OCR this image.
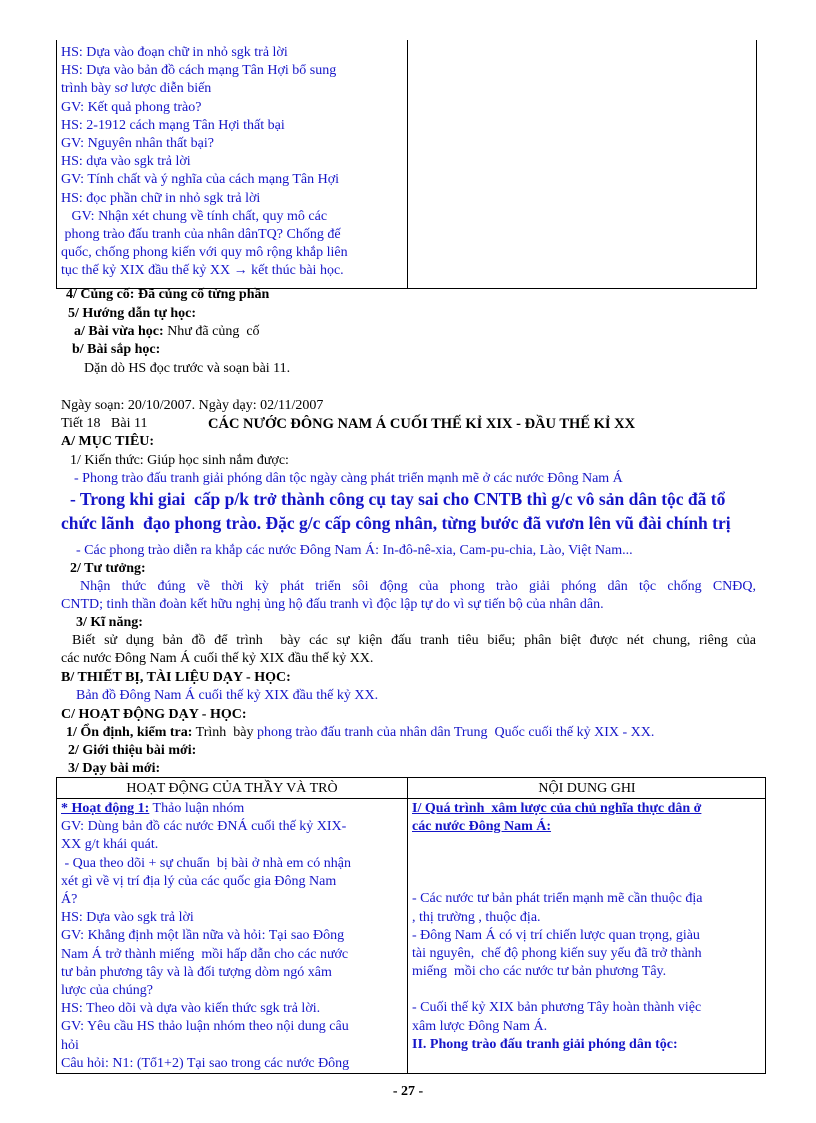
HS: Dựa vào đoạn chữ in nhỏ sgk trả lời
HS: Dựa vào bản đồ cách mạng Tân Hợi bổ sung
trình bày sơ lược diễn biến
GV: Kết quả phong trào?
HS: 2-1912 cách mạng Tân Hợi thất bại
GV: Nguyên nhân thất bại?
HS: dựa vào sgk trả lời
GV: Tính chất và ý nghĩa của cách mạng Tân Hợi
HS: đọc phần chữ in nhỏ sgk trả lời
GV: Nhận xét chung về tính chất, quy mô các
phong trào đấu tranh của nhân dânTQ? Chống đế
quốc, chống phong kiến với quy mô rộng khắp liên
tục thế kỷ XIX đầu thế kỷ XX → kết thúc bài học.
4/ Củng cố: Đã củng cố từng phần
5/ Hướng dẫn tự học:
a/ Bài vừa học: Như đã củng  cố
b/ Bài sắp học:
Dặn dò HS đọc trước và soạn bài 11.
Ngày soạn: 20/10/2007. Ngày dạy: 02/11/2007
Tiết 18   Bài 11	CÁC NƯỚC ĐÔNG NAM Á CUỐI THẾ KỈ XIX - ĐẦU THẾ KỈ XX
A/ MỤC TIÊU:
1/ Kiến thức: Giúp học sinh nắm được:
- Phong trào đấu tranh giải phóng dân tộc ngày càng phát triển mạnh mẽ ở các nước Đông Nam Á
- Trong khi giai  cấp p/k trở thành công cụ tay sai cho CNTB thì g/c vô sản dân tộc đã tổ
chức lãnh  đạo phong trào. Đặc g/c cấp công nhân, từng bước đã vươn lên vũ đài chính trị
- Các phong trào diễn ra khắp các nước Đông Nam Á: In-đô-nê-xia, Cam-pu-chia, Lào, Việt Nam...
2/ Tư tưởng:
Nhận thức đúng về thời kỳ phát triển sôi động của phong trào giải phóng dân tộc chống CNĐQ,
CNTD; tinh thần đoàn kết hữu nghị ủng hộ đấu tranh vì độc lập tự do vì sự tiến bộ của nhân dân.
3/ Kĩ năng:
Biết sử dụng bản đồ để trình  bày các sự kiện đấu tranh tiêu biểu; phân biệt được nét chung, riêng của
các nước Đông Nam Á cuối thế kỷ XIX đầu thế kỷ XX.
B/ THIẾT BỊ, TÀI LIỆU DẠY - HỌC:
Bản đồ Đông Nam Á cuối thế kỷ XIX đầu thế kỷ XX.
C/ HOẠT ĐỘNG DẠY - HỌC:
1/ Ổn định, kiểm tra: Trình  bày phong trào đấu tranh của nhân dân Trung  Quốc cuối thế kỷ XIX - XX.
2/ Giới thiệu bài mới:
3/ Dạy bài mới:
HOẠT ĐỘNG CỦA THẦY VÀ TRÒ	NỘI DUNG GHI
* Hoạt động 1: Thảo luận nhóm
GV: Dùng bản đồ các nước ĐNÁ cuối thế kỷ XIX-
XX g/t khái quát.
- Qua theo dõi + sự chuẩn  bị bài ở nhà em có nhận
xét gì về vị trí địa lý của các quốc gia Đông Nam
Á?
HS: Dựa vào sgk trả lời
GV: Khẳng định một lần nữa và hỏi: Tại sao Đông
Nam Á trở thành miếng  mồi hấp dẫn cho các nước
tư bản phương tây và là đối tượng dòm ngó xâm
lược của chúng?
HS: Theo dõi và dựa vào kiến thức sgk trả lời.
GV: Yêu cầu HS thảo luận nhóm theo nội dung câu
hỏi
Câu hỏi: N1: (Tổ1+2) Tại sao trong các nước Đông
I/ Quá trình  xâm lược của chủ nghĩa thực dân ở
các nước Đông Nam Á:
- Các nước tư bản phát triển mạnh mẽ cần thuộc địa
, thị trường , thuộc địa.
- Đông Nam Á có vị trí chiến lược quan trọng, giàu
tài nguyên,  chế độ phong kiến suy yếu đã trở thành
miếng  mồi cho các nước tư bản phương Tây.
- Cuối thế kỷ XIX bản phương Tây hoàn thành việc
xâm lược Đông Nam Á.
II. Phong trào đấu tranh giải phóng dân tộc:
- 27 -
